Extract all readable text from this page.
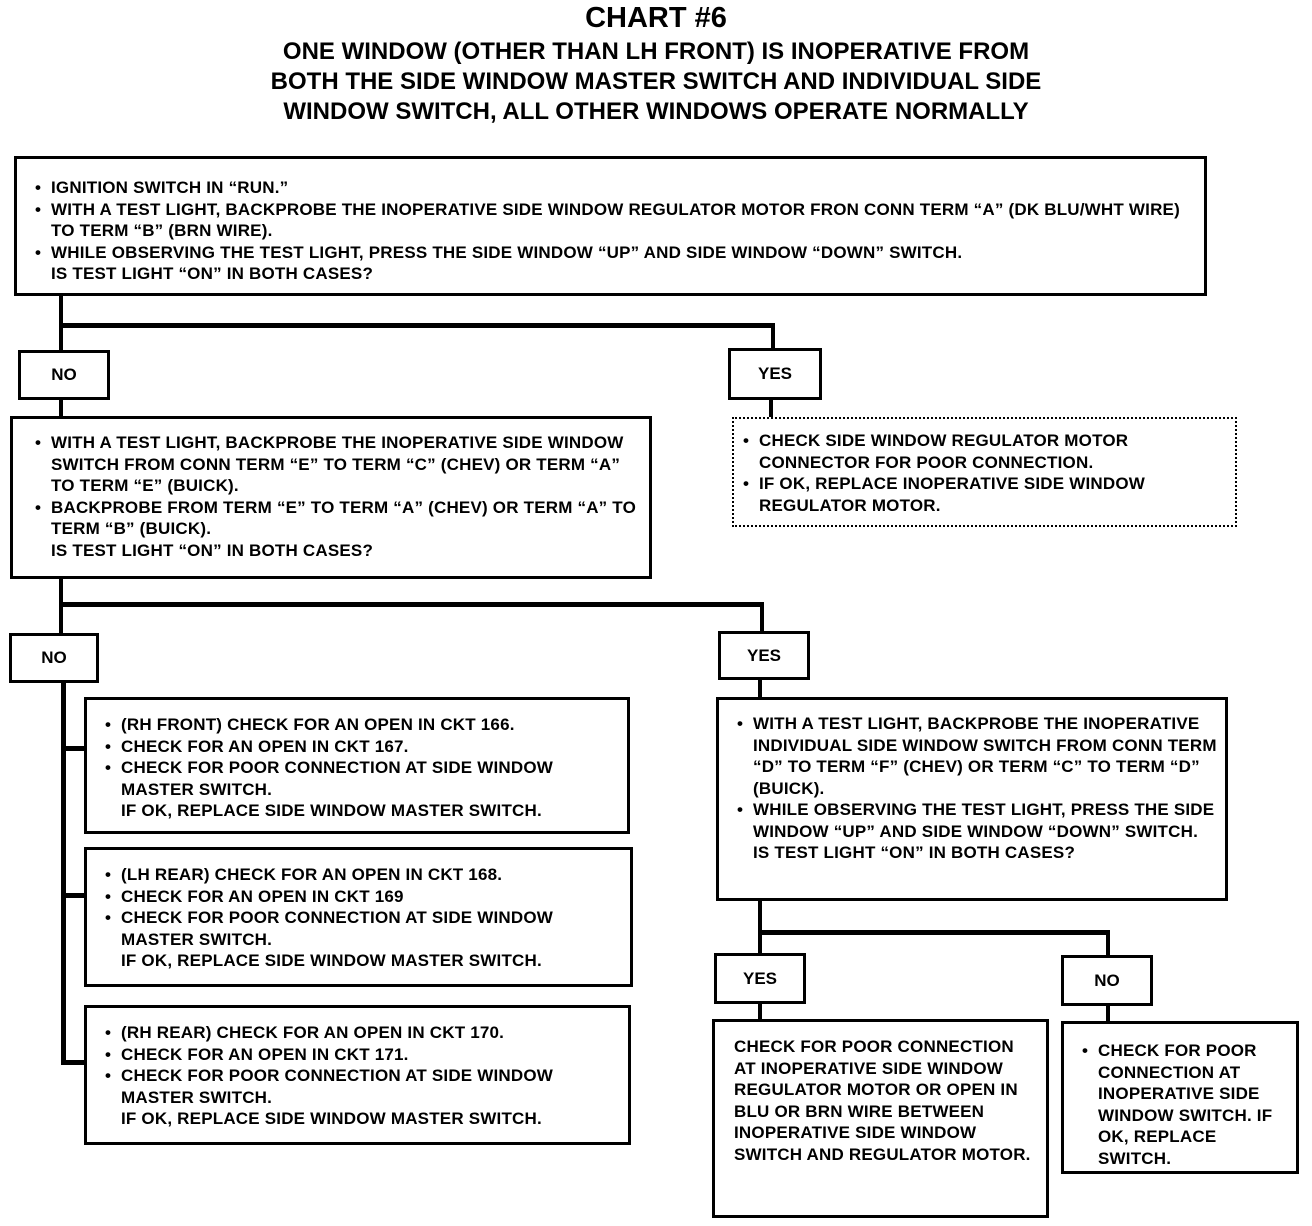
CHART #6
ONE WINDOW (OTHER THAN LH FRONT) IS INOPERATIVE FROM
BOTH THE SIDE WINDOW MASTER SWITCH AND INDIVIDUAL SIDE
WINDOW SWITCH, ALL OTHER WINDOWS OPERATE NORMALLY
• IGNITION SWITCH IN “RUN.”
• WITH A TEST LIGHT, BACKPROBE THE INOPERATIVE SIDE WINDOW REGULATOR MOTOR FRON CONN TERM “A” (DK BLU/WHT WIRE) TO TERM “B” (BRN WIRE).
• WHILE OBSERVING THE TEST LIGHT, PRESS THE SIDE WINDOW “UP” AND SIDE WINDOW “DOWN” SWITCH.

IS TEST LIGHT “ON” IN BOTH CASES?

NO	YES
• WITH A TEST LIGHT, BACKPROBE THE INOPERATIVE SIDE WINDOW SWITCH FROM CONN TERM “E” TO TERM “C” (CHEV) OR TERM “A” TO TERM “E” (BUICK).
• BACKPROBE FROM TERM “E” TO TERM “A” (CHEV) OR TERM “A” TO TERM “B” (BUICK).

IS TEST LIGHT “ON” IN BOTH CASES?

• CHECK SIDE WINDOW REGULATOR MOTOR CONNECTOR FOR POOR CONNECTION.
• IF OK, REPLACE INOPERATIVE SIDE WINDOW REGULATOR MOTOR.
NO	YES
• (RH FRONT) CHECK FOR AN OPEN IN CKT 166.
• CHECK FOR AN OPEN IN CKT 167.
• CHECK FOR POOR CONNECTION AT SIDE WINDOW MASTER SWITCH.

IF OK, REPLACE SIDE WINDOW MASTER SWITCH.

• (LH REAR) CHECK FOR AN OPEN IN CKT 168.
• CHECK FOR AN OPEN IN CKT 169
• CHECK FOR POOR CONNECTION AT SIDE WINDOW MASTER SWITCH.

IF OK, REPLACE SIDE WINDOW MASTER SWITCH.

• (RH REAR) CHECK FOR AN OPEN IN CKT 170.
• CHECK FOR AN OPEN IN CKT 171.
• CHECK FOR POOR CONNECTION AT SIDE WINDOW MASTER SWITCH.

IF OK, REPLACE SIDE WINDOW MASTER SWITCH.

• WITH A TEST LIGHT, BACKPROBE THE INOPERATIVE INDIVIDUAL SIDE WINDOW SWITCH FROM CONN TERM “D” TO TERM “F” (CHEV) OR TERM “C” TO TERM “D” (BUICK).
• WHILE OBSERVING THE TEST LIGHT, PRESS THE SIDE WINDOW “UP” AND SIDE WINDOW “DOWN” SWITCH.

IS TEST LIGHT “ON” IN BOTH CASES?

YES	NO

CHECK FOR POOR CONNECTION AT INOPERATIVE SIDE WINDOW REGULATOR MOTOR OR OPEN IN BLU OR BRN WIRE BETWEEN INOPERATIVE SIDE WINDOW SWITCH AND REGULATOR MOTOR.

• CHECK FOR POOR CONNECTION AT INOPERATIVE SIDE WINDOW SWITCH. IF OK, REPLACE SWITCH.
